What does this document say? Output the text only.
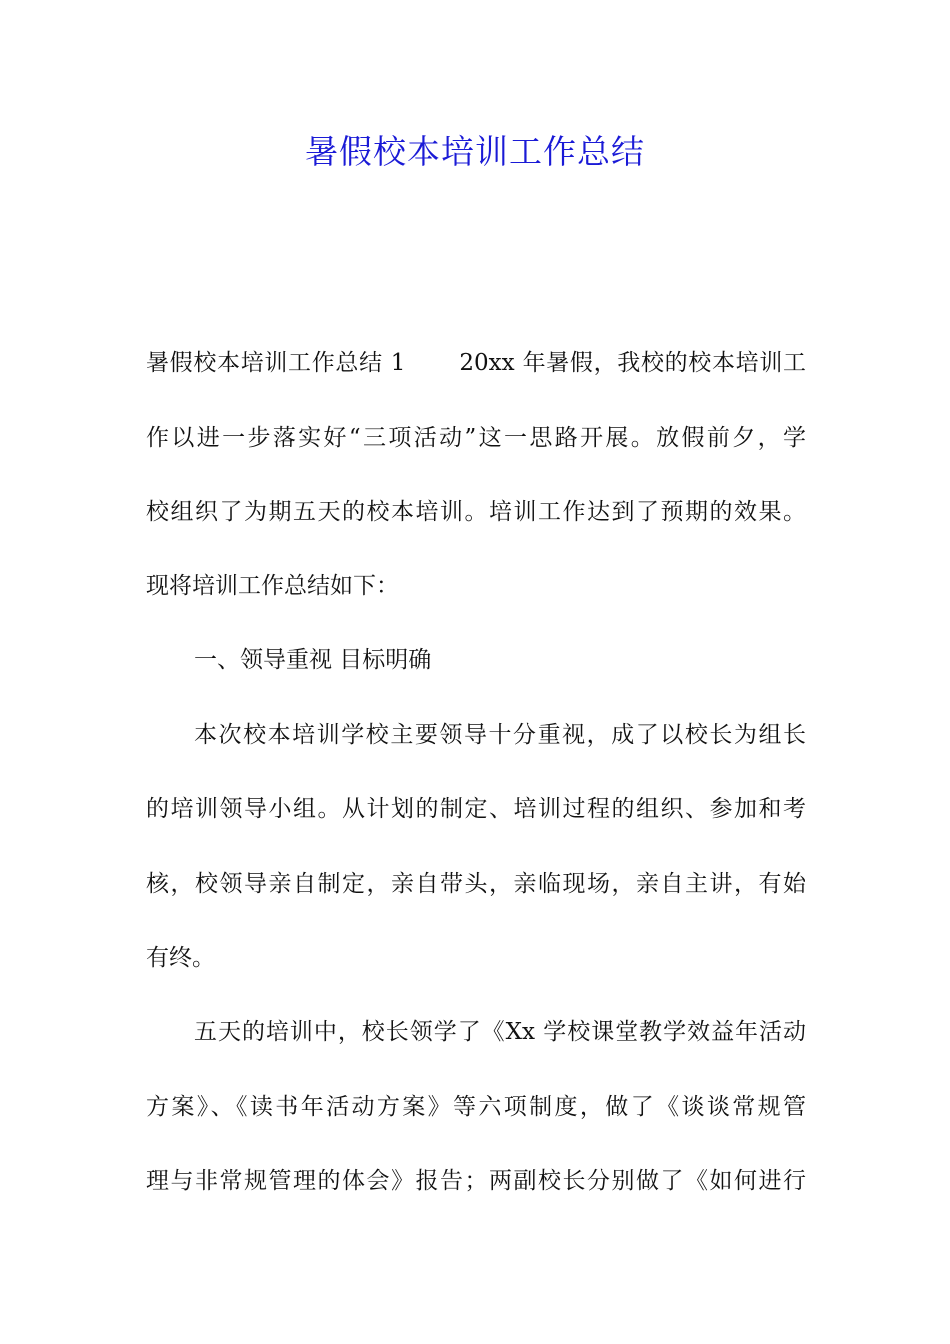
暑假校本培训工作总结
暑假校本培训工作总结 1 20xx 年暑假，我校的校本培训工
作以进一步落实好“三项活动”这一思路开展。放假前夕，学
校组织了为期五天的校本培训。培训工作达到了预期的效果。
现将培训工作总结如下：
一、领导重视 目标明确
本次校本培训学校主要领导十分重视，成了以校长为组长
的培训领导小组。从计划的制定、培训过程的组织、参加和考
核，校领导亲自制定，亲自带头，亲临现场，亲自主讲，有始
有终。
五天的培训中，校长领学了《Xx 学校课堂教学效益年活动
方案》、《读书年活动方案》等六项制度，做了《谈谈常规管
理与非常规管理的体会》报告；两副校长分别做了《如何进行
